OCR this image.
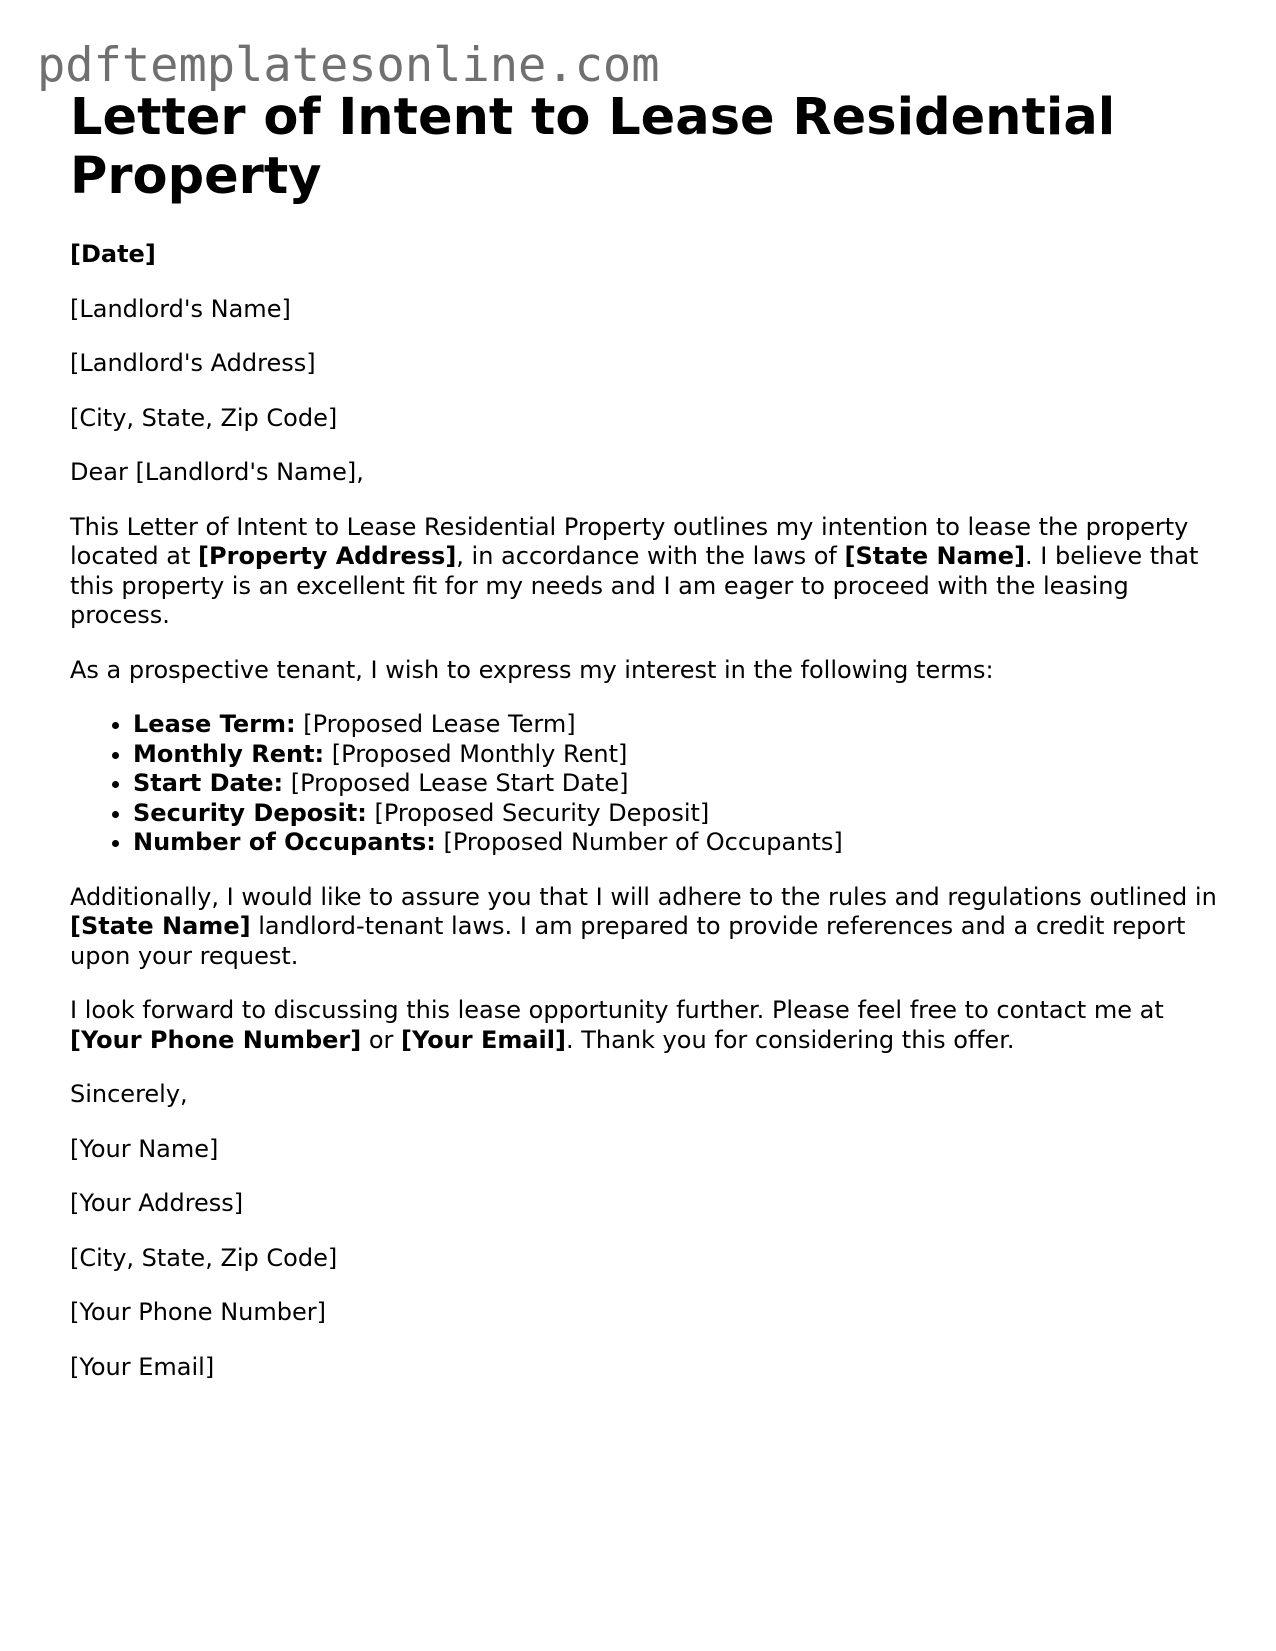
pdftemplatesonline.com
Letter of Intent to Lease Residential Property

[Date]

[Landlord's Name]

[Landlord's Address]

[City, State, Zip Code]

Dear [Landlord's Name],

This Letter of Intent to Lease Residential Property outlines my intention to lease the property located at [Property Address], in accordance with the laws of [State Name]. I believe that this property is an excellent fit for my needs and I am eager to proceed with the leasing process.

As a prospective tenant, I wish to express my interest in the following terms:

• Lease Term: [Proposed Lease Term]
• Monthly Rent: [Proposed Monthly Rent]
• Start Date: [Proposed Lease Start Date]
• Security Deposit: [Proposed Security Deposit]
• Number of Occupants: [Proposed Number of Occupants]

Additionally, I would like to assure you that I will adhere to the rules and regulations outlined in [State Name] landlord-tenant laws. I am prepared to provide references and a credit report upon your request.

I look forward to discussing this lease opportunity further. Please feel free to contact me at [Your Phone Number] or [Your Email]. Thank you for considering this offer.

Sincerely,

[Your Name]

[Your Address]

[City, State, Zip Code]

[Your Phone Number]

[Your Email]
